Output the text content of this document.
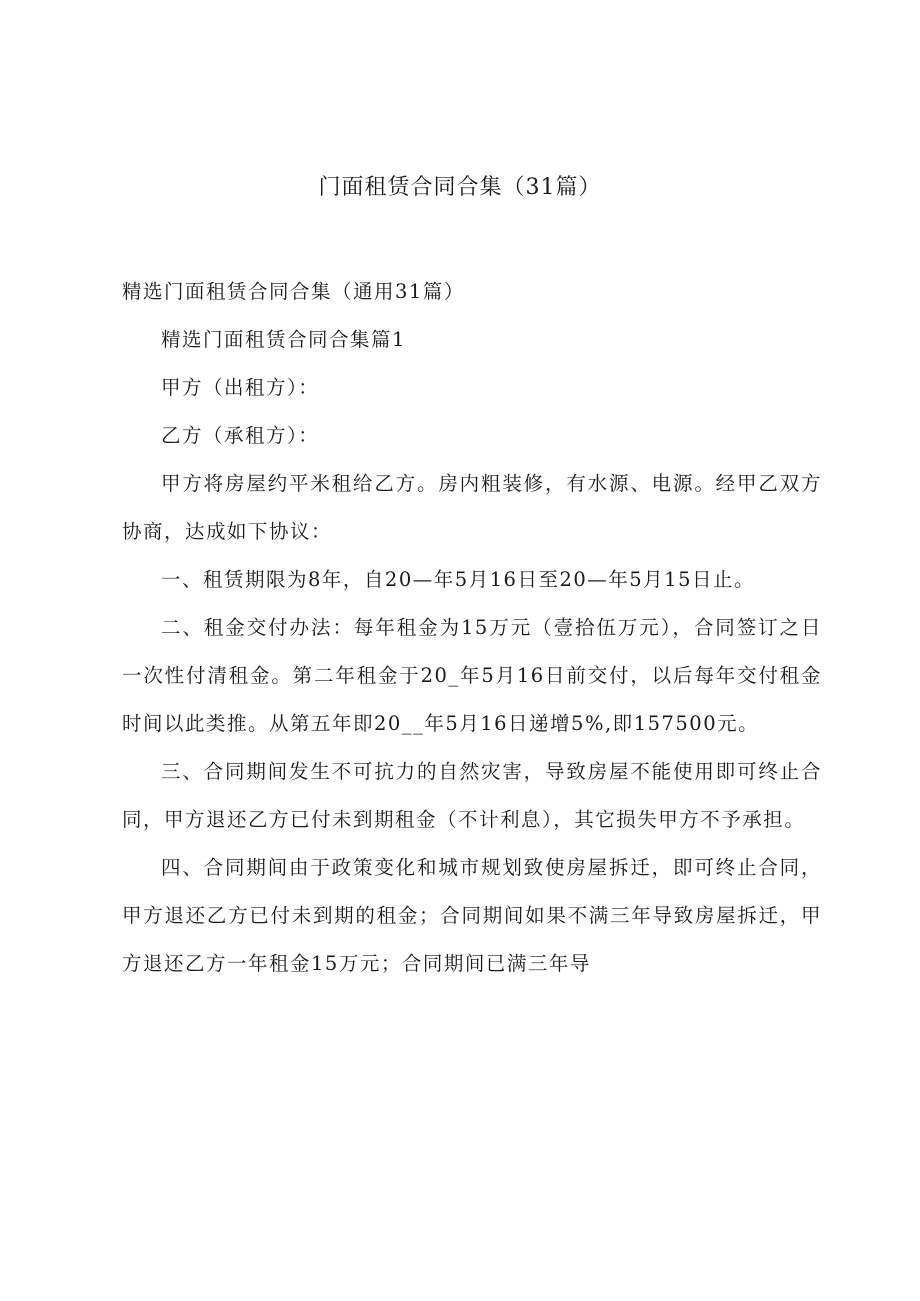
门面租赁合同合集（31篇）

精选门面租赁合同合集（通用31篇）

精选门面租赁合同合集篇1

甲方（出租方）：

乙方（承租方）：

甲方将房屋约平米租给乙方。房内粗装修，有水源、电源。经甲乙双方协商，达成如下协议：

一、租赁期限为8年，自20—年5月16日至20—年5月15日止。

二、租金交付办法：每年租金为15万元（壹拾伍万元），合同签订之日一次性付清租金。第二年租金于20_年5月16日前交付，以后每年交付租金时间以此类推。从第五年即20__年5月16日递增5%,即157500元。

三、合同期间发生不可抗力的自然灾害，导致房屋不能使用即可终止合同，甲方退还乙方已付未到期租金（不计利息），其它损失甲方不予承担。

四、合同期间由于政策变化和城市规划致使房屋拆迁，即可终止合同，甲方退还乙方已付未到期的租金；合同期间如果不满三年导致房屋拆迁，甲方退还乙方一年租金15万元；合同期间已满三年导
